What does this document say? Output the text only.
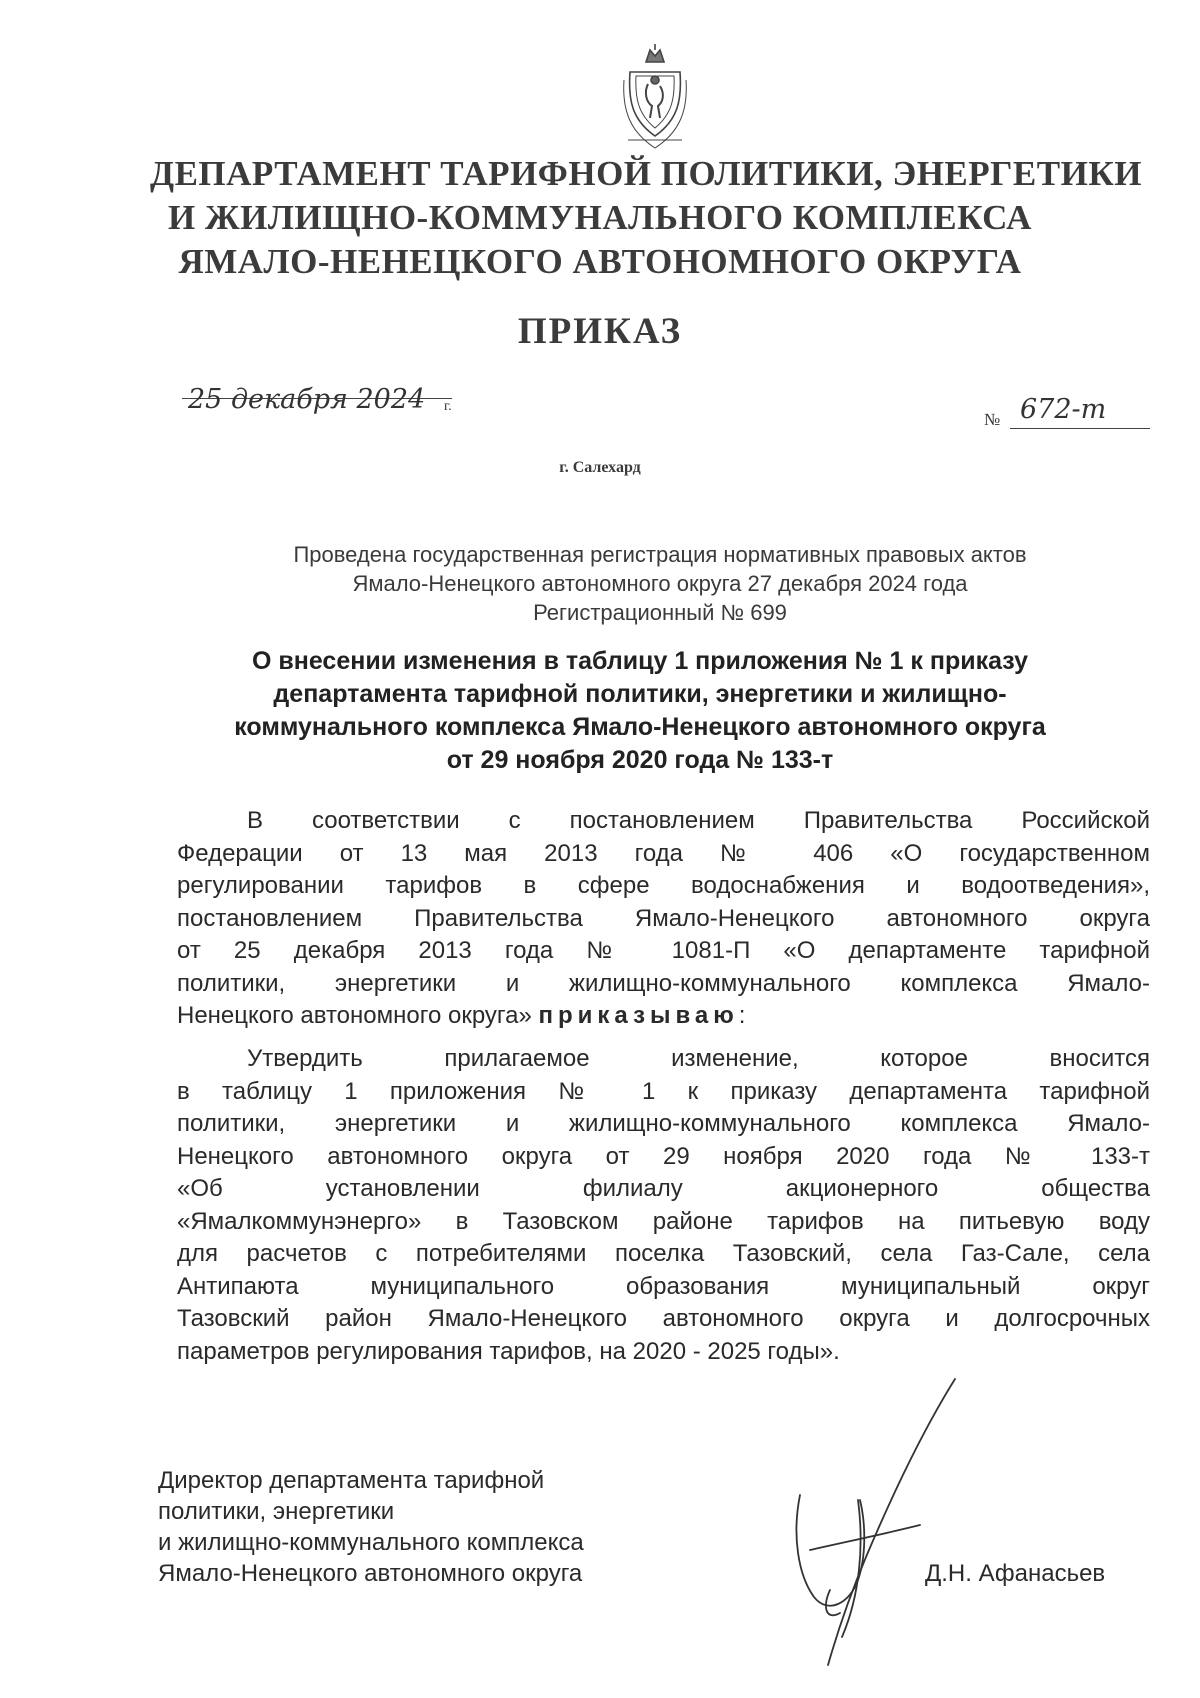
ДЕПАРТАМЕНТ ТАРИФНОЙ ПОЛИТИКИ, ЭНЕРГЕТИКИ
И ЖИЛИЩНО-КОММУНАЛЬНОГО КОМПЛЕКСА
ЯМАЛО-НЕНЕЦКОГО АВТОНОМНОГО ОКРУГА
ПРИКАЗ
25 декабря 2024 г.
№ 672-т
г. Салехард
Проведена государственная регистрация нормативных правовых актов
Ямало-Ненецкого автономного округа 27 декабря 2024 года
Регистрационный № 699
О внесении изменения в таблицу 1 приложения № 1 к приказу
департамента тарифной политики, энергетики и жилищно-
коммунального комплекса Ямало-Ненецкого автономного округа
от 29 ноября 2020 года № 133-т
В соответствии с постановлением Правительства Российской
Федерации от 13 мая 2013 года № 406 «О государственном
регулировании тарифов в сфере водоснабжения и водоотведения»,
постановлением Правительства Ямало-Ненецкого автономного округа
от 25 декабря 2013 года № 1081-П «О департаменте тарифной
политики, энергетики и жилищно-коммунального комплекса Ямало-
Ненецкого автономного округа» приказываю:
Утвердить прилагаемое изменение, которое вносится
в таблицу 1 приложения № 1 к приказу департамента тарифной
политики, энергетики и жилищно-коммунального комплекса Ямало-
Ненецкого автономного округа от 29 ноября 2020 года № 133-т
«Об установлении филиалу акционерного общества
«Ямалкоммунэнерго» в Тазовском районе тарифов на питьевую воду
для расчетов с потребителями поселка Тазовский, села Газ-Сале, села
Антипаюта муниципального образования муниципальный округ
Тазовский район Ямало-Ненецкого автономного округа и долгосрочных
параметров регулирования тарифов, на 2020 - 2025 годы».
Директор департамента тарифной
политики, энергетики
и жилищно-коммунального комплекса
Ямало-Ненецкого автономного округа	Д.Н. Афанасьев
